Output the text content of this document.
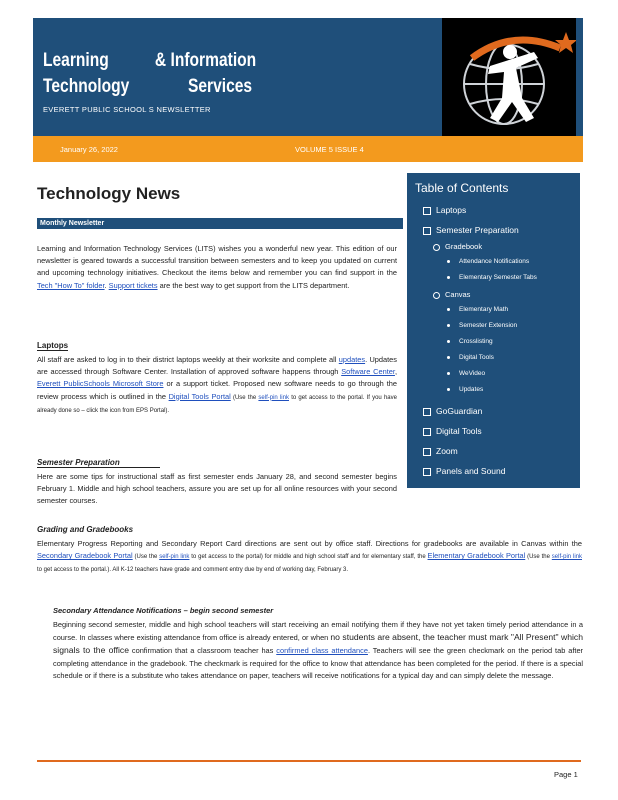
Learning & Information
Technology	Services
EVERETT PUBLIC SCHOOL S NEWSLETTER
January 26, 2022	VOLUME 5 ISSUE 4
Technology News
Monthly Newsletter
Learning and Information Technology Services (LITS) wishes you a wonderful new year. This edition of our newsletter is geared towards a successful transition between semesters and to keep you updated on current and upcoming technology initiatives. Checkout the items below and remember you can find support in the Tech "How To" folder. Support tickets are the best way to get support from the LITS department.
Laptops
All staff are asked to log in to their district laptops weekly at their worksite and complete all updates. Updates are accessed through Software Center. Installation of approved software happens through Software Center, Everett PublicSchools Microsoft Store or a support ticket. Proposed new software needs to go through the review process which is outlined in the Digital Tools Portal (Use the self-pin link to get access to the portal. If you have already done so – click the icon from EPS Portal).
Semester Preparation
Here are some tips for instructional staff as first semester ends January 28, and second semester begins February 1. Middle and high school teachers, assure you are set up for all online resources with your second semester courses.
Grading and Gradebooks
Elementary Progress Reporting and Secondary Report Card directions are sent out by office staff. Directions for gradebooks are available in Canvas within the Secondary Gradebook Portal (Use the self-pin link to get access to the portal) for middle and high school staff and for elementary staff, the Elementary Gradebook Portal (Use the self-pin link to get access to the portal.). All K-12 teachers have grade and comment entry due by end of working day, February 3.
Secondary Attendance Notifications – begin second semester
Beginning second semester, middle and high school teachers will start receiving an email notifying them if they have not yet taken timely period attendance in a course. In classes where existing attendance from office is already entered, or when no students are absent, the teacher must mark "All Present" which signals to the office confirmation that a classroom teacher has confirmed class attendance. Teachers will see the green checkmark on the period tab after completing attendance in the gradebook. The checkmark is required for the office to know that attendance has been completed for the period. If there is a special schedule or if there is a substitute who takes attendance on paper, teachers will receive notifications for a typical day and can simply delete the message.
Table of Contents
Laptops
Semester Preparation
Gradebook
Attendance Notifications
Elementary Semester Tabs
Canvas
Elementary Math
Semester Extension
Crosslisting
Digital Tools
WeVideo
Updates
GoGuardian
Digital Tools
Zoom
Panels and Sound
Page 1
